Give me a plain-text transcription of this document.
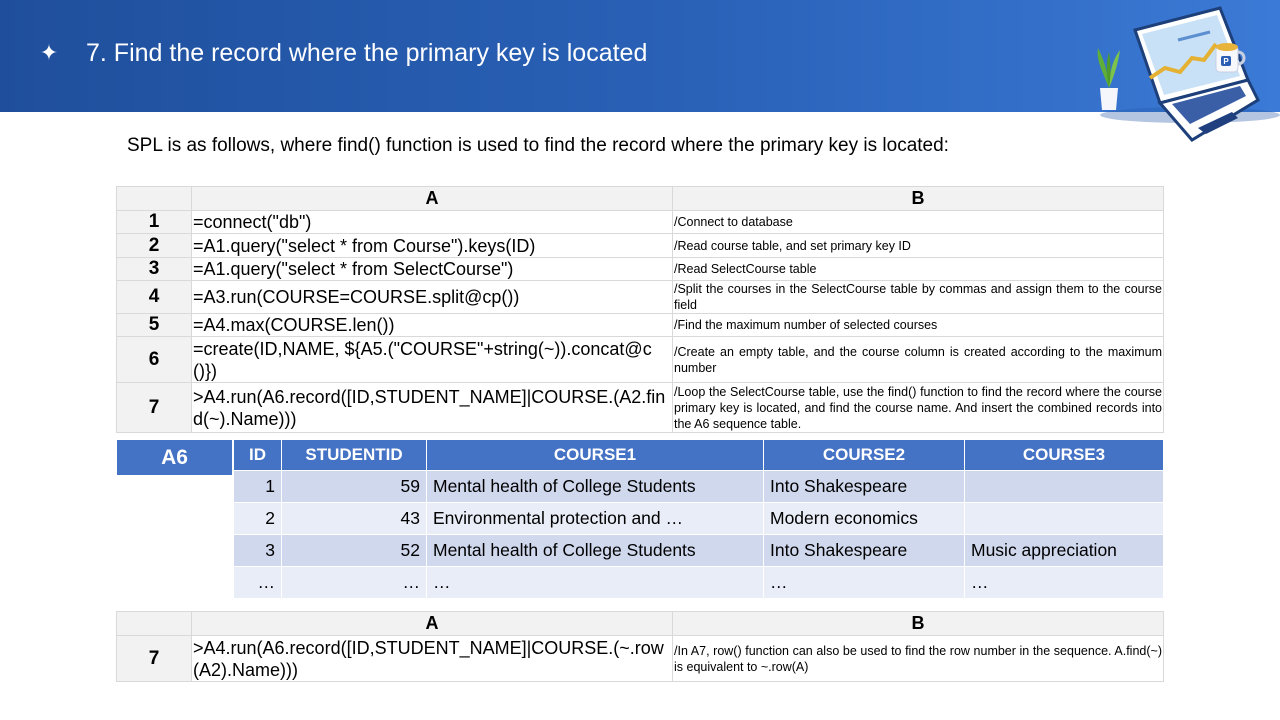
✦ 7. Find the record where the primary key is located	P
SPL is as follows, where find() function is used to find the record where the primary key is located:
	A	B
1	=connect("db")	/Connect to database
2	=A1.query("select * from Course").keys(ID)	/Read course table, and set primary key ID
3	=A1.query("select * from SelectCourse")	/Read SelectCourse table
4	=A3.run(COURSE=COURSE.split@cp())	/Split the courses in the SelectCourse table by commas and assign them to the course field
5	=A4.max(COURSE.len())	/Find the maximum number of selected courses
6	=create(ID,NAME, ${A5.("COURSE"+string(~)).concat@c()})	/Create an empty table, and the course column is created according to the maximum number
7	>A4.run(A6.record([ID,STUDENT_NAME]|COURSE.(A2.find(~).Name)))	/Loop the SelectCourse table, use the find() function to find the record where the course primary key is located, and find the course name. And insert the combined records into the A6 sequence table.
A6	ID	STUDENTID	COURSE1	COURSE2	COURSE3
1	59	Mental health of College Students	Into Shakespeare	
2	43	Environmental protection and …	Modern economics	
3	52	Mental health of College Students	Into Shakespeare	Music appreciation
…	…	…	…	…
	A	B
7	>A4.run(A6.record([ID,STUDENT_NAME]|COURSE.(~.row(A2).Name)))	/In A7, row() function can also be used to find the row number in the sequence. A.find(~) is equivalent to ~.row(A)
